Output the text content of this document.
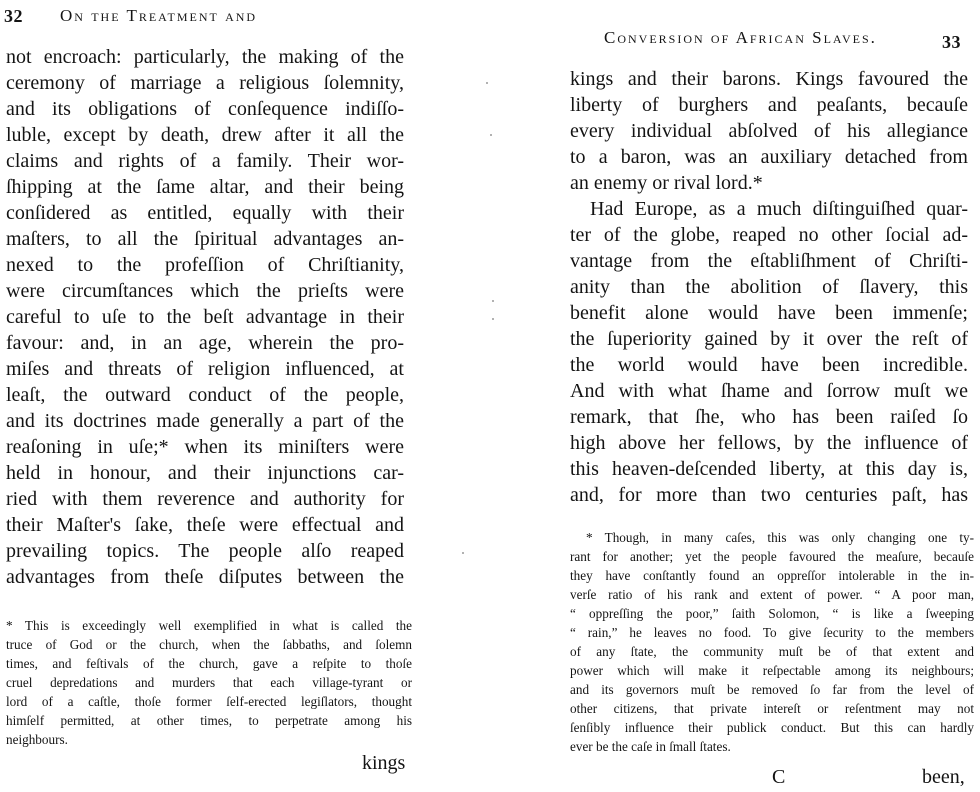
32 On the Treatment and
not encroach: particularly, the making of the
ceremony of marriage a religious ſolemnity,
and its obligations of conſequence indiſſo-
luble, except by death, drew after it all the
claims and rights of a family. Their wor-
ſhipping at the ſame altar, and their being
conſidered as entitled, equally with their
maſters, to all the ſpiritual advantages an-
nexed to the profeſſion of Chriſtianity,
were circumſtances which the prieſts were
careful to uſe to the beſt advantage in their
favour: and, in an age, wherein the pro-
miſes and threats of religion influenced, at
leaſt, the outward conduct of the people,
and its doctrines made generally a part of the
reaſoning in uſe;* when its miniſters were
held in honour, and their injunctions car-
ried with them reverence and authority for
their Maſter's ſake, theſe were effectual and
prevailing topics. The people alſo reaped
advantages from theſe diſputes between the
* This is exceedingly well exemplified in what is called the
truce of God or the church, when the ſabbaths, and ſolemn
times, and feſtivals of the church, gave a reſpite to thoſe
cruel depredations and murders that each village-tyrant or
lord of a caſtle, thoſe former ſelf-erected legiſlators, thought
himſelf permitted, at other times, to perpetrate among his
neighbours.
kings
Conversion of African Slaves.	33
kings and their barons. Kings favoured the
liberty of burghers and peaſants, becauſe
every individual abſolved of his allegiance
to a baron, was an auxiliary detached from
an enemy or rival lord.*
Had Europe, as a much diſtinguiſhed quar-
ter of the globe, reaped no other ſocial ad-
vantage from the eſtabliſhment of Chriſti-
anity than the abolition of ſlavery, this
benefit alone would have been immenſe;
the ſuperiority gained by it over the reſt of
the world would have been incredible.
And with what ſhame and ſorrow muſt we
remark, that ſhe, who has been raiſed ſo
high above her fellows, by the influence of
this heaven-deſcended liberty, at this day is,
and, for more than two centuries paſt, has
* Though, in many caſes, this was only changing one ty-
rant for another; yet the people favoured the meaſure, becauſe
they have conſtantly found an oppreſſor intolerable in the in-
verſe ratio of his rank and extent of power. “ A poor man,
“ oppreſſing the poor,” ſaith Solomon, “ is like a ſweeping
“ rain,” he leaves no food. To give ſecurity to the members
of any ſtate, the community muſt be of that extent and
power which will make it reſpectable among its neighbours;
and its governors muſt be removed ſo far from the level of
other citizens, that private intereſt or reſentment may not
ſenſibly influence their publick conduct. But this can hardly
ever be the caſe in ſmall ſtates.
C	been,
